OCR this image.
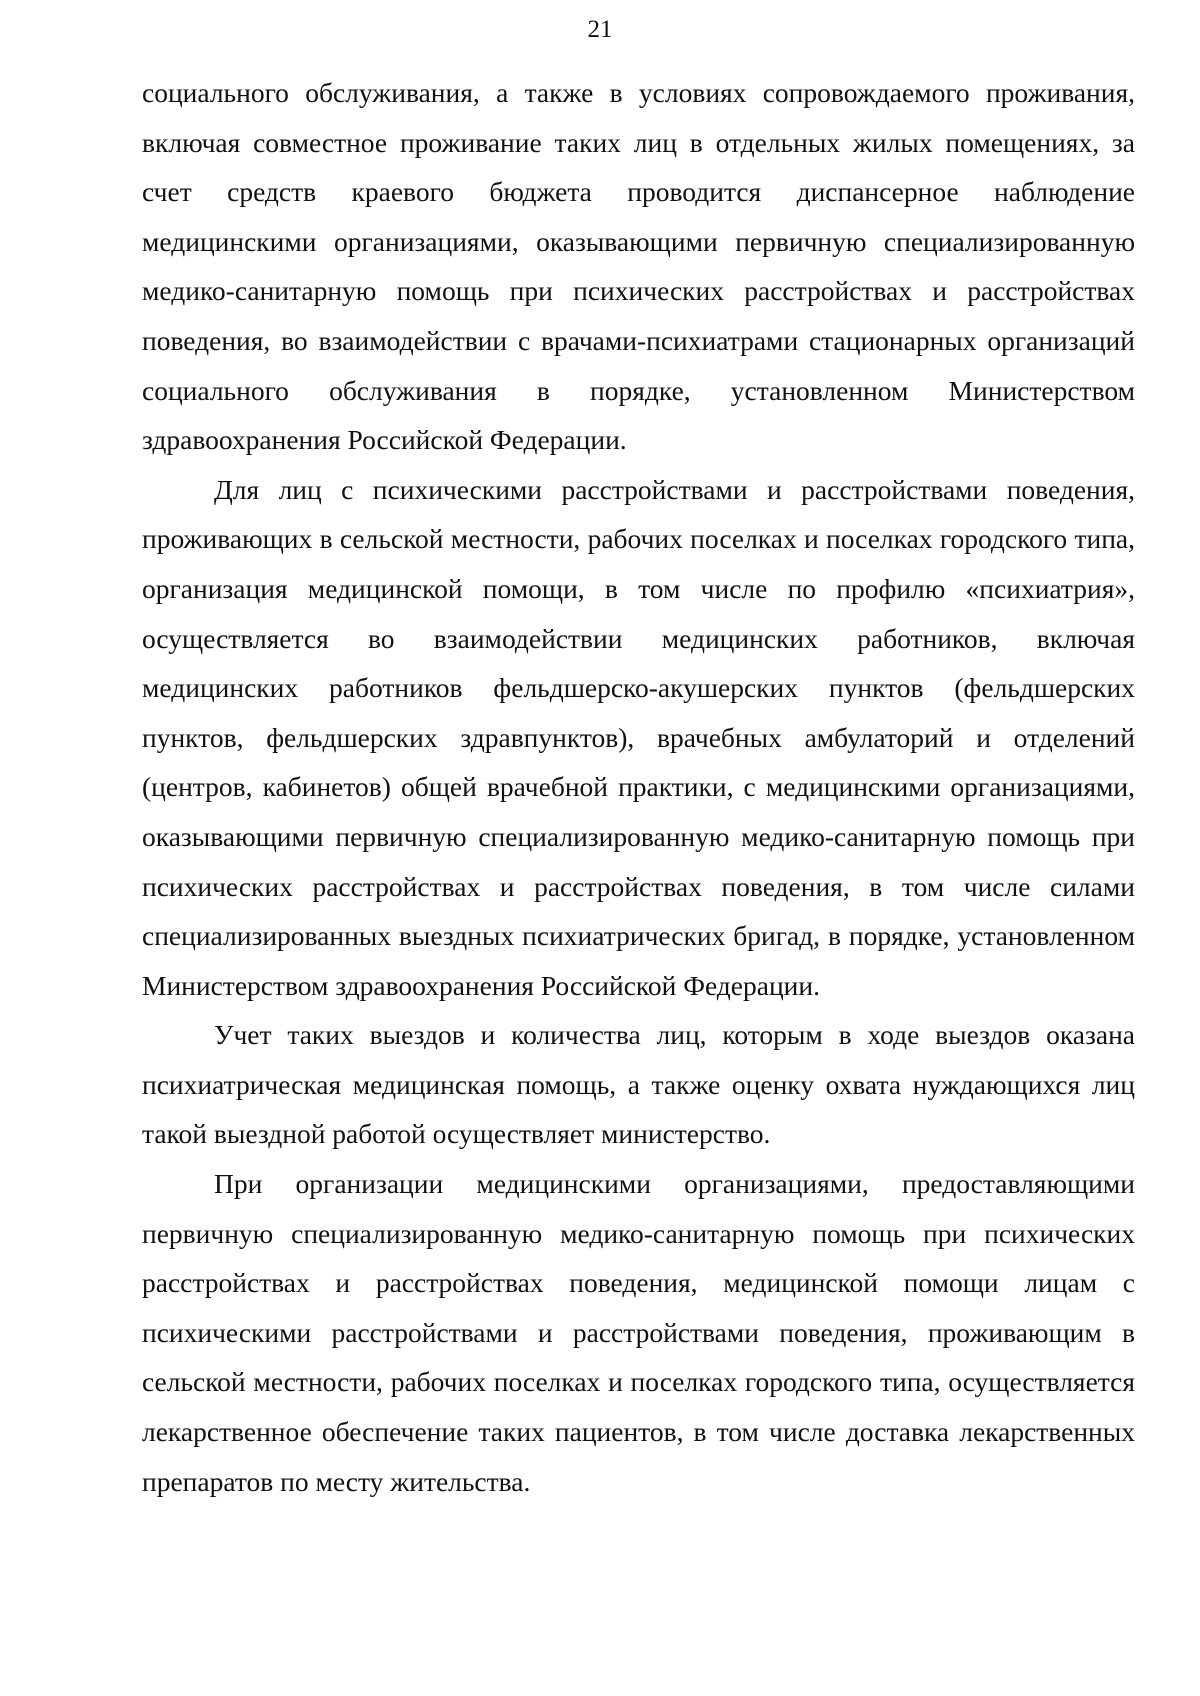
21

социального обслуживания, а также в условиях сопровождаемого проживания, включая совместное проживание таких лиц в отдельных жилых помещениях, за счет средств краевого бюджета проводится диспансерное наблюдение медицинскими организациями, оказывающими первичную специализированную медико-санитарную помощь при психических расстройствах и расстройствах поведения, во взаимодействии с врачами-психиатрами стационарных организаций социального обслуживания в порядке, установленном Министерством здравоохранения Российской Федерации.

Для лиц с психическими расстройствами и расстройствами поведения, проживающих в сельской местности, рабочих поселках и поселках городского типа, организация медицинской помощи, в том числе по профилю «психиатрия», осуществляется во взаимодействии медицинских работников, включая медицинских работников фельдшерско-акушерских пунктов (фельдшерских пунктов, фельдшерских здравпунктов), врачебных амбулаторий и отделений (центров, кабинетов) общей врачебной практики, с медицинскими организациями, оказывающими первичную специализированную медико-санитарную помощь при психических расстройствах и расстройствах поведения, в том числе силами специализированных выездных психиатрических бригад, в порядке, установленном Министерством здравоохранения Российской Федерации.

Учет таких выездов и количества лиц, которым в ходе выездов оказана психиатрическая медицинская помощь, а также оценку охвата нуждающихся лиц такой выездной работой осуществляет министерство.

При организации медицинскими организациями, предоставляющими первичную специализированную медико-санитарную помощь при психических расстройствах и расстройствах поведения, медицинской помощи лицам с психическими расстройствами и расстройствами поведения, проживающим в сельской местности, рабочих поселках и поселках городского типа, осуществляется лекарственное обеспечение таких пациентов, в том числе доставка лекарственных препаратов по месту жительства.
